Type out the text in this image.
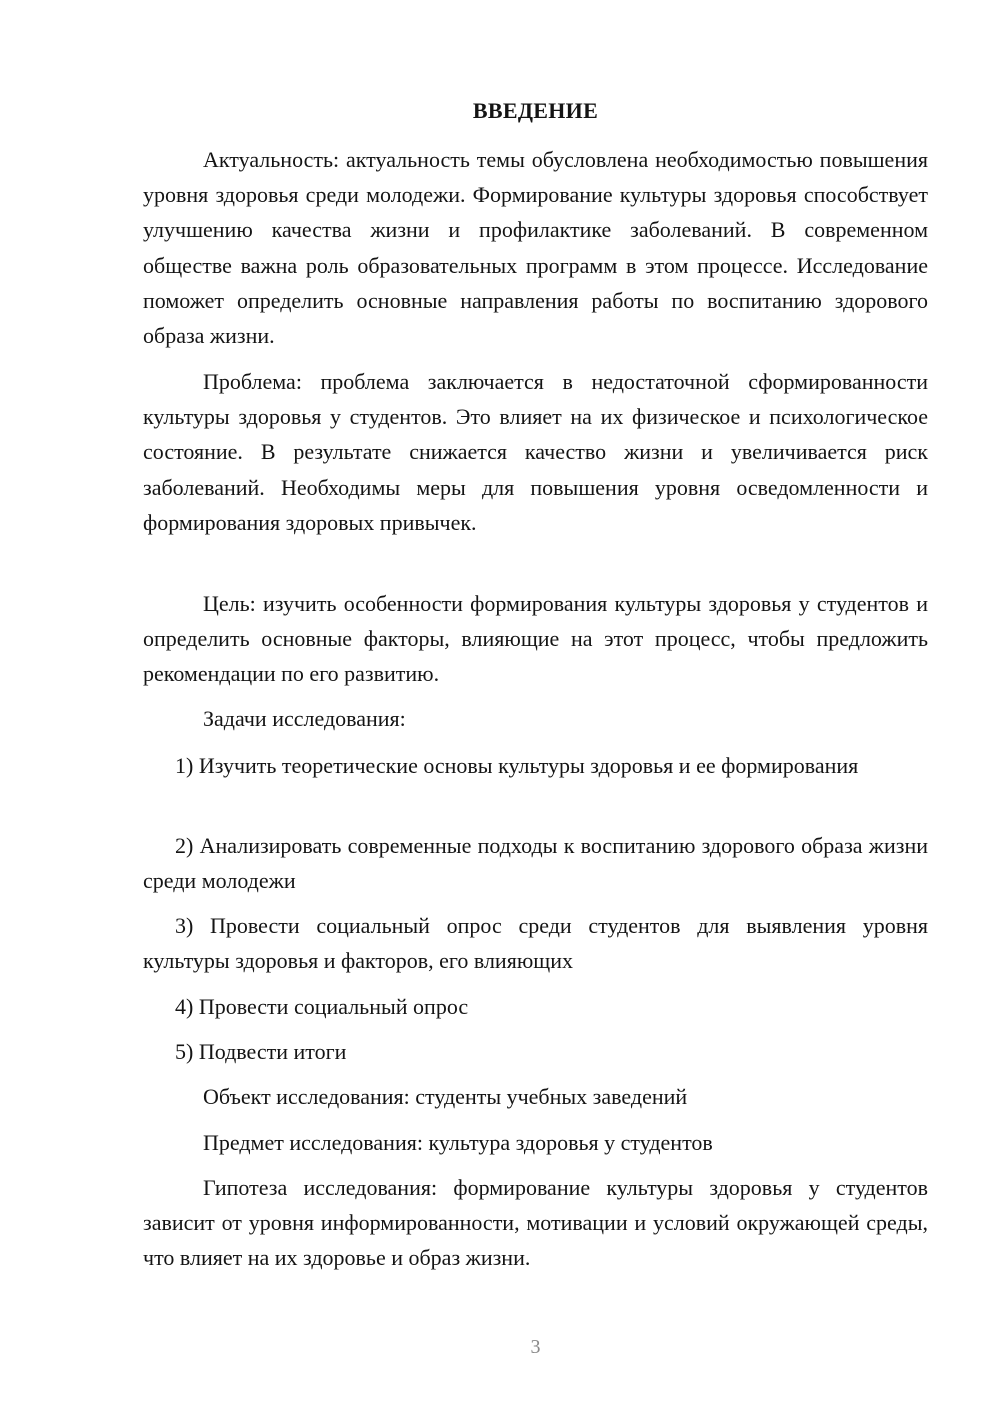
ВВЕДЕНИЕ

Актуальность: актуальность темы обусловлена необходимостью повышения уровня здоровья среди молодежи. Формирование культуры здоровья способствует улучшению качества жизни и профилактике заболеваний. В современном обществе важна роль образовательных программ в этом процессе. Исследование поможет определить основные направления работы по воспитанию здорового образа жизни.

Проблема: проблема заключается в недостаточной сформированности культуры здоровья у студентов. Это влияет на их физическое и психологическое состояние. В результате снижается качество жизни и увеличивается риск заболеваний. Необходимы меры для повышения уровня осведомленности и формирования здоровых привычек.

Цель: изучить особенности формирования культуры здоровья у студентов и определить основные факторы, влияющие на этот процесс, чтобы предложить рекомендации по его развитию.

Задачи исследования:

1) Изучить теоретические основы культуры здоровья и ее формирования

2) Анализировать современные подходы к воспитанию здорового образа жизни среди молодежи

3) Провести социальный опрос среди студентов для выявления уровня культуры здоровья и факторов, его влияющих

4) Провести социальный опрос

5) Подвести итоги

Объект исследования: студенты учебных заведений

Предмет исследования: культура здоровья у студентов

Гипотеза исследования: формирование культуры здоровья у студентов зависит от уровня информированности, мотивации и условий окружающей среды, что влияет на их здоровье и образ жизни.

3
